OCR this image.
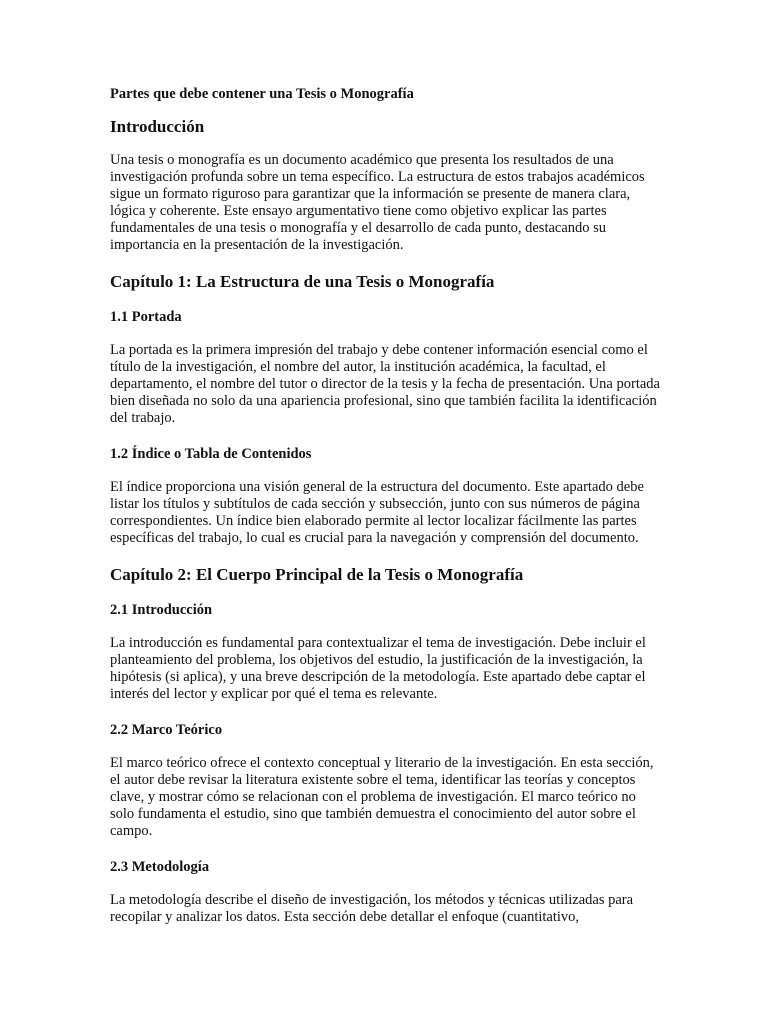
Partes que debe contener una Tesis o Monografía
Introducción

Una tesis o monografía es un documento académico que presenta los resultados de una investigación profunda sobre un tema específico. La estructura de estos trabajos académicos sigue un formato riguroso para garantizar que la información se presente de manera clara, lógica y coherente. Este ensayo argumentativo tiene como objetivo explicar las partes fundamentales de una tesis o monografía y el desarrollo de cada punto, destacando su importancia en la presentación de la investigación.

Capítulo 1: La Estructura de una Tesis o Monografía
1.1 Portada

La portada es la primera impresión del trabajo y debe contener información esencial como el título de la investigación, el nombre del autor, la institución académica, la facultad, el departamento, el nombre del tutor o director de la tesis y la fecha de presentación. Una portada bien diseñada no solo da una apariencia profesional, sino que también facilita la identificación del trabajo.

1.2 Índice o Tabla de Contenidos

El índice proporciona una visión general de la estructura del documento. Este apartado debe listar los títulos y subtítulos de cada sección y subsección, junto con sus números de página correspondientes. Un índice bien elaborado permite al lector localizar fácilmente las partes específicas del trabajo, lo cual es crucial para la navegación y comprensión del documento.

Capítulo 2: El Cuerpo Principal de la Tesis o Monografía
2.1 Introducción

La introducción es fundamental para contextualizar el tema de investigación. Debe incluir el planteamiento del problema, los objetivos del estudio, la justificación de la investigación, la hipótesis (si aplica), y una breve descripción de la metodología. Este apartado debe captar el interés del lector y explicar por qué el tema es relevante.

2.2 Marco Teórico

El marco teórico ofrece el contexto conceptual y literario de la investigación. En esta sección, el autor debe revisar la literatura existente sobre el tema, identificar las teorías y conceptos clave, y mostrar cómo se relacionan con el problema de investigación. El marco teórico no solo fundamenta el estudio, sino que también demuestra el conocimiento del autor sobre el campo.

2.3 Metodología

La metodología describe el diseño de investigación, los métodos y técnicas utilizadas para recopilar y analizar los datos. Esta sección debe detallar el enfoque (cuantitativo,
